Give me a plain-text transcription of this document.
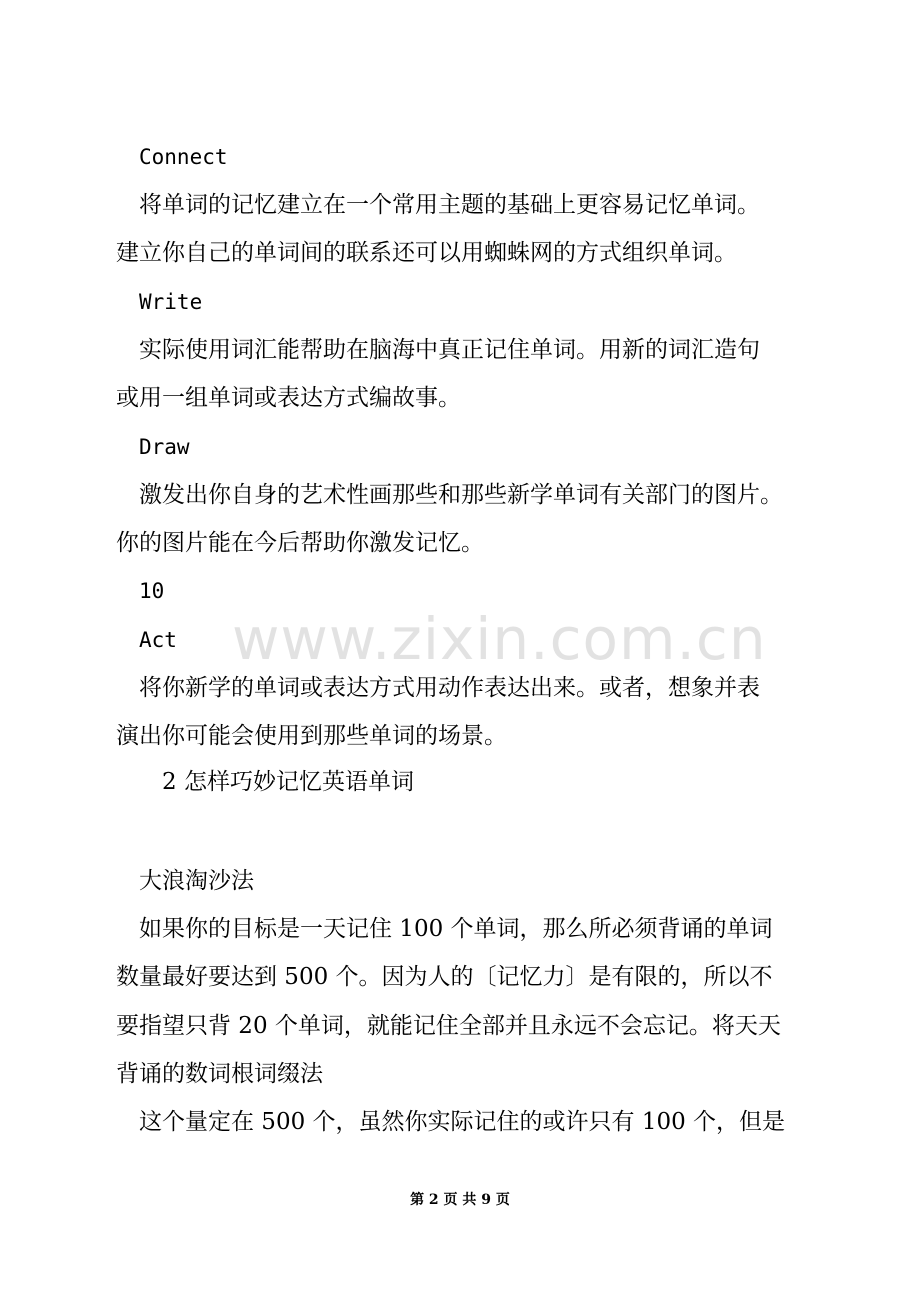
Connect
将单词的记忆建立在一个常用主题的基础上更容易记忆单词。
建立你自己的单词间的联系还可以用蜘蛛网的方式组织单词。
Write
实际使用词汇能帮助在脑海中真正记住单词。用新的词汇造句
或用一组单词或表达方式编故事。
Draw
激发出你自身的艺术性画那些和那些新学单词有关部门的图片。
你的图片能在今后帮助你激发记忆。
10
Act
将你新学的单词或表达方式用动作表达出来。或者，想象并表
演出你可能会使用到那些单词的场景。
2 怎样巧妙记忆英语单词
大浪淘沙法
如果你的目标是一天记住 100 个单词，那么所必须背诵的单词
数量最好要达到 500 个。因为人的〔记忆力〕是有限的，所以不
要指望只背 20 个单词，就能记住全部并且永远不会忘记。将天天
背诵的数词根词缀法
这个量定在 500 个，虽然你实际记住的或许只有 100 个，但是
www.zixin.com.cn
第 2 页 共 9 页
